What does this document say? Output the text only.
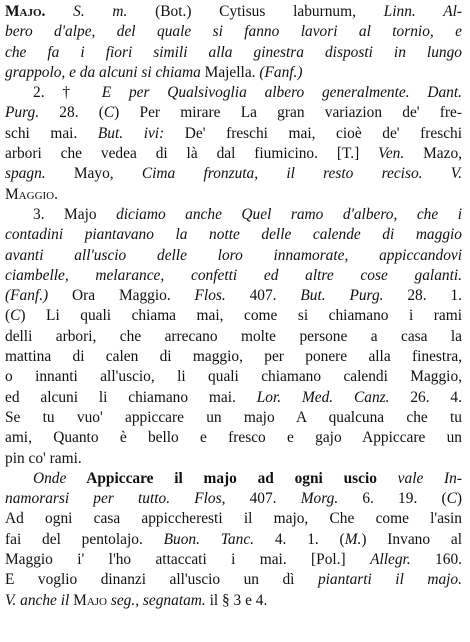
Majo. S. m. (Bot.) Cytisus laburnum, Linn. Al-
bero d'alpe, del quale si fanno lavori al tornio, e
che fa i fiori simili alla ginestra disposti in lungo
grappolo, e da alcuni si chiama Majella. (Fanf.)
2. † E per Qualsivoglia albero generalmente. Dant.
Purg. 28. (C) Per mirare La gran variazion de' fre-
schi mai. But. ivi: De' freschi mai, cioè de' freschi
arbori che vedea di là dal fiumicino. [T.] Ven. Mazo,
spagn. Mayo, Cima fronzuta, il resto reciso. V.
Maggio.
3. Majo diciamo anche Quel ramo d'albero, che i
contadini piantavano la notte delle calende di maggio
avanti all'uscio delle loro innamorate, appiccandovi
ciambelle, melarance, confetti ed altre cose galanti.
(Fanf.) Ora Maggio. Flos. 407. But. Purg. 28. 1.
(C) Li quali chiama mai, come si chiamano i rami
delli arbori, che arrecano molte persone a casa la
mattina di calen di maggio, per ponere alla finestra,
o innanti all'uscio, li quali chiamano calendi Maggio,
ed alcuni li chiamano mai. Lor. Med. Canz. 26. 4.
Se tu vuo' appiccare un majo A qualcuna che tu
ami, Quanto è bello e fresco e gajo Appiccare un
pin co' rami.
Onde Appiccare il majo ad ogni uscio vale In-
namorarsi per tutto. Flos, 407. Morg. 6. 19. (C)
Ad ogni casa appiccheresti il majo, Che come l'asin
fai del pentolajo. Buon. Tanc. 4. 1. (M.) Invano al
Maggio i' l'ho attaccati i mai. [Pol.] Allegr. 160.
E voglio dinanzi all'uscio un dì piantarti il majo.
V. anche il Majo seg., segnatam. il § 3 e 4.
